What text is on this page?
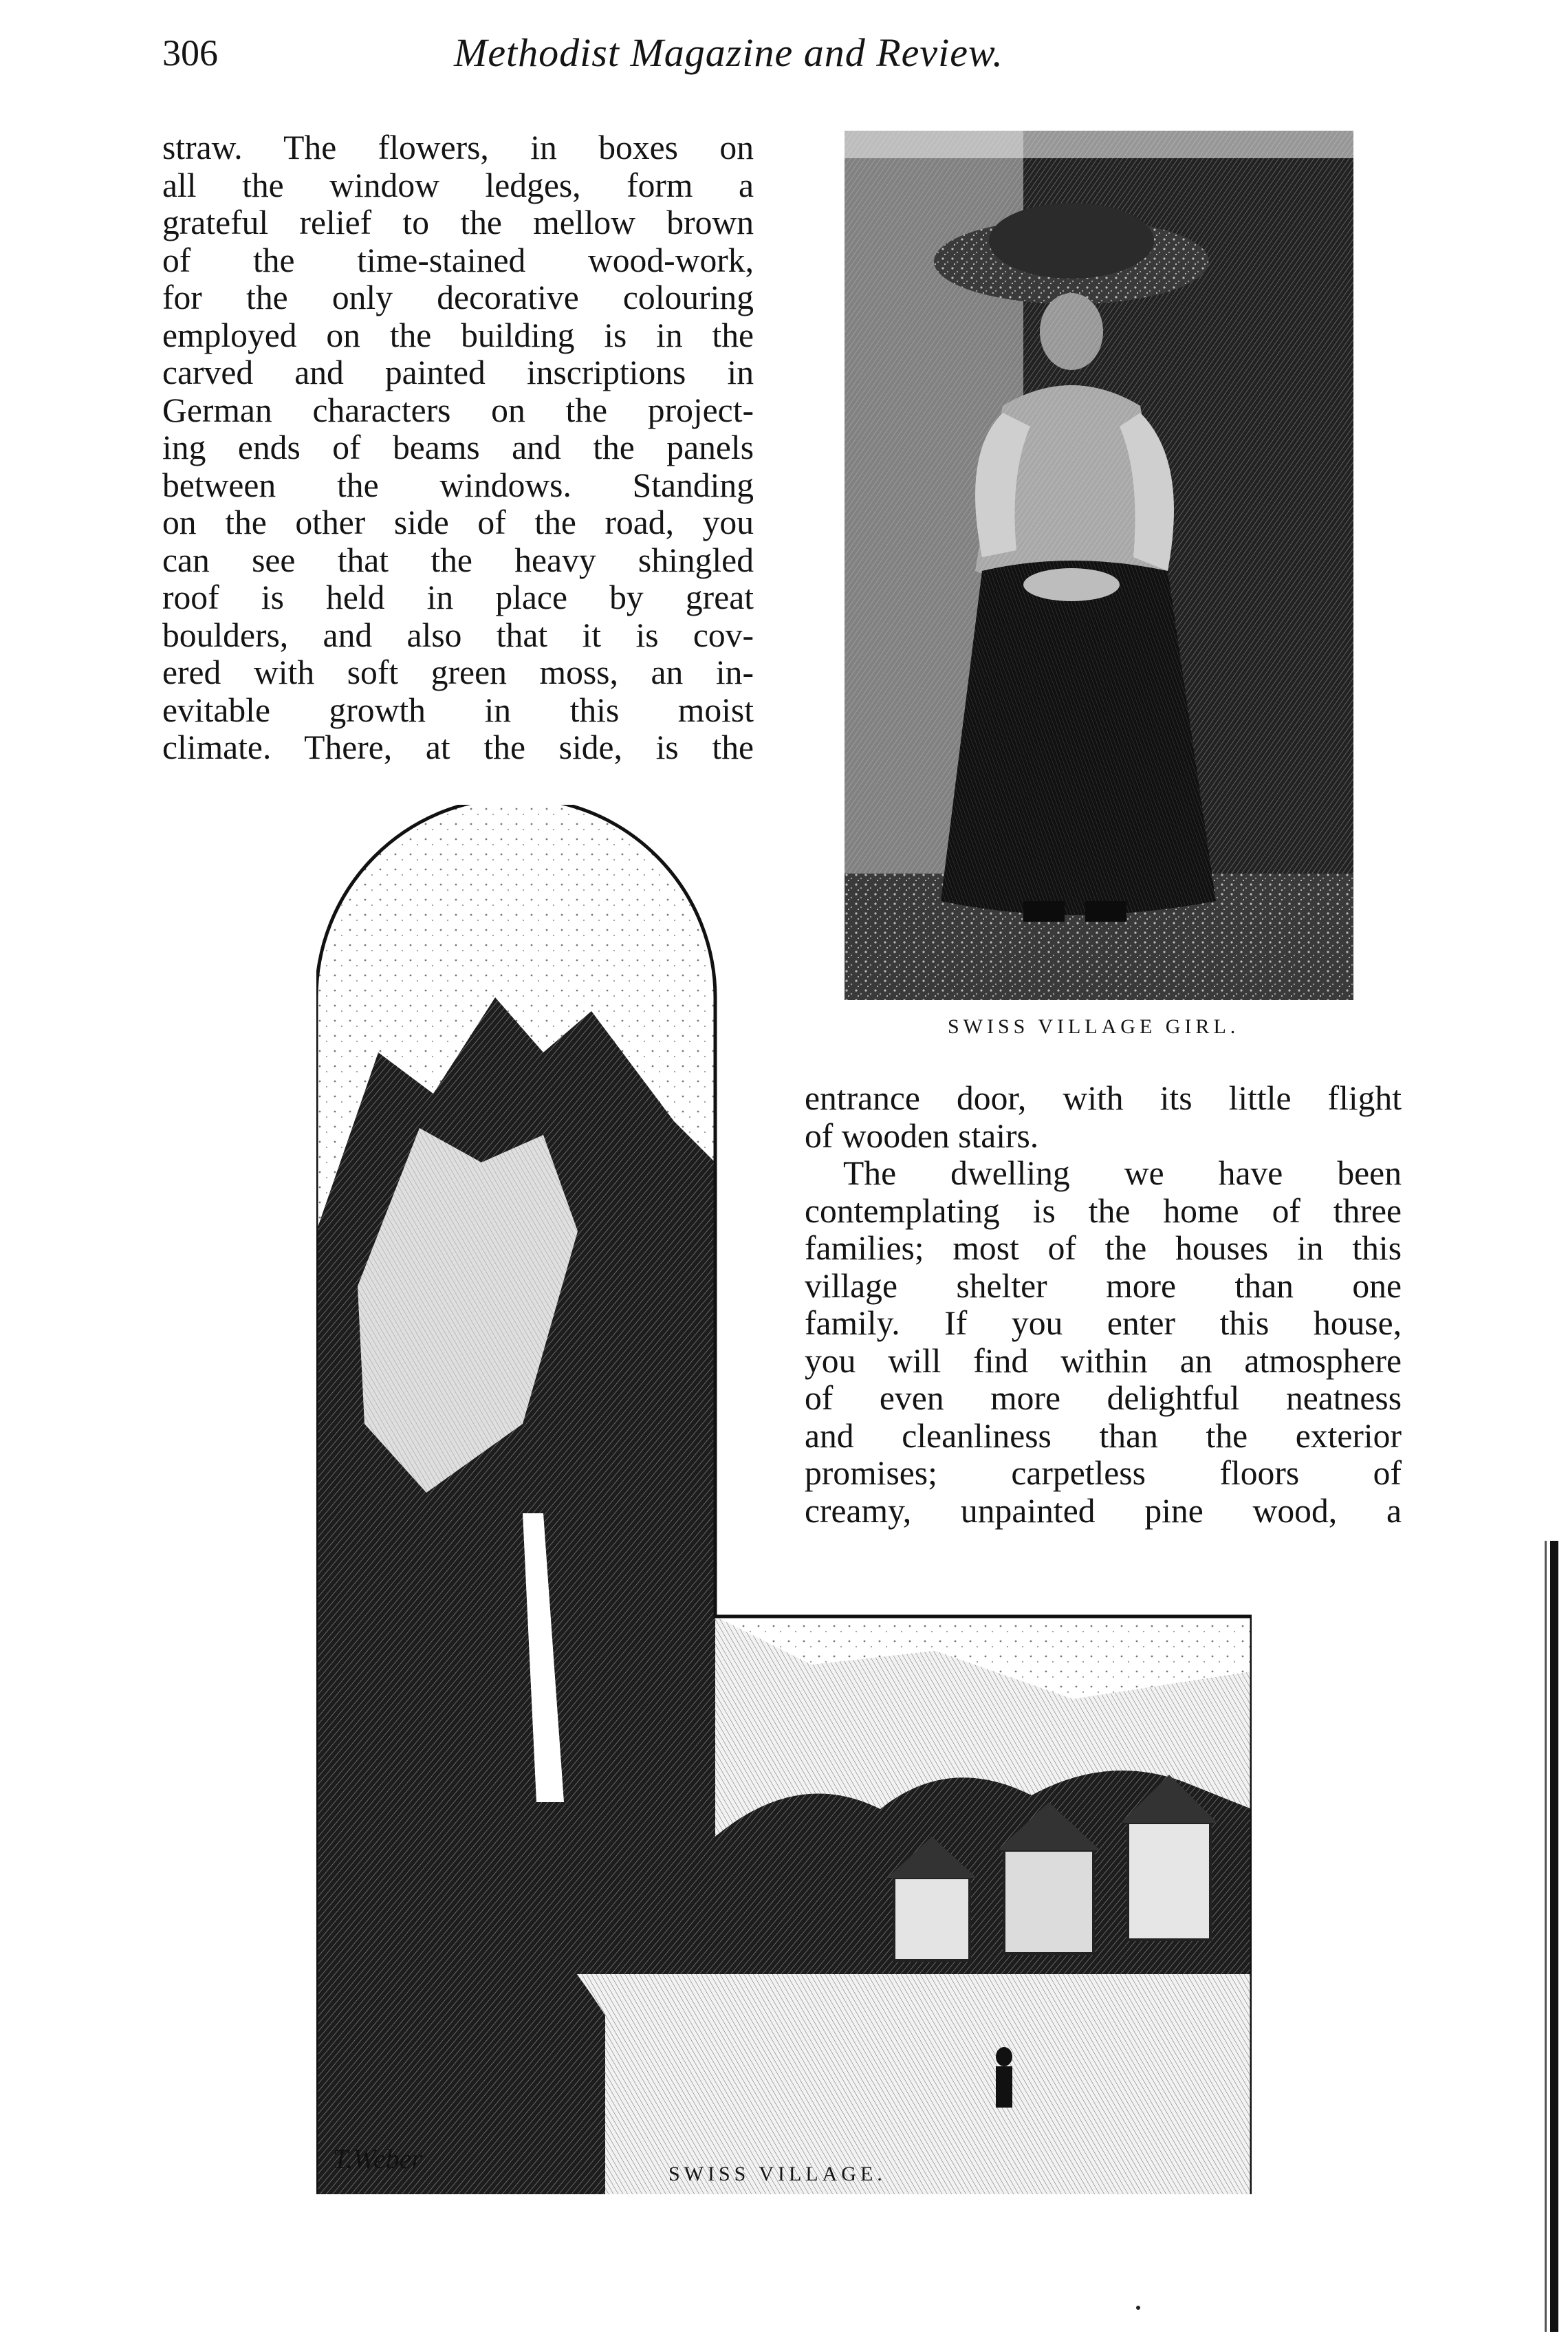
306	Methodist Magazine and Review.
straw. The flowers, in boxes on
all the window ledges, form a
grateful relief to the mellow brown
of the time-stained wood-work,
for the only decorative colouring
employed on the building is in the
carved and painted inscriptions in
German characters on the project-
ing ends of beams and the panels
between the windows. Standing
on the other side of the road, you
can see that the heavy shingled
roof is held in place by great
boulders, and also that it is cov-
ered with soft green moss, an in-
evitable growth in this moist
climate. There, at the side, is the
SWISS VILLAGE GIRL.
entrance door, with its little flight
of wooden stairs.
The dwelling we have been
contemplating is the home of three
families; most of the houses in this
village shelter more than one
family. If you enter this house,
you will find within an atmosphere
of even more delightful neatness
and cleanliness than the exterior
promises; carpetless floors of
creamy, unpainted pine wood, a
T.Weber	SWISS VILLAGE.
